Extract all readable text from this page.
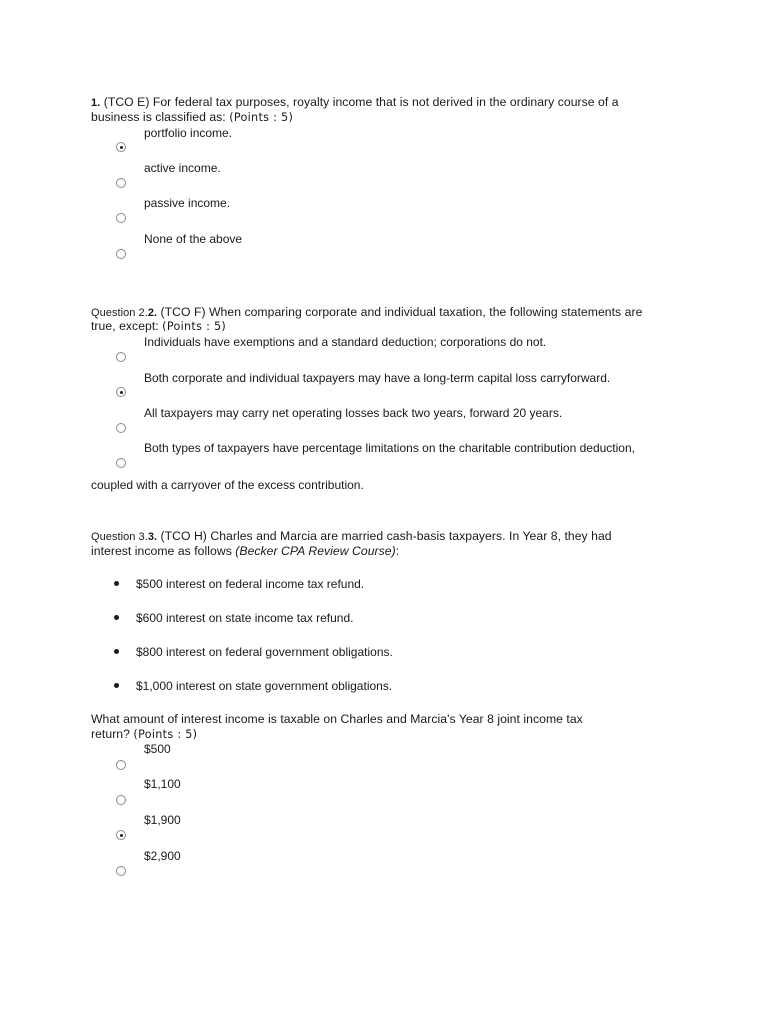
1. (TCO E) For federal tax purposes, royalty income that is not derived in the ordinary course of a
business is classified as: (Points : 5)
portfolio income.
active income.
passive income.
None of the above
Question 2.2. (TCO F) When comparing corporate and individual taxation, the following statements are
true, except: (Points : 5)
Individuals have exemptions and a standard deduction; corporations do not.
Both corporate and individual taxpayers may have a long-term capital loss carryforward.
All taxpayers may carry net operating losses back two years, forward 20 years.
Both types of taxpayers have percentage limitations on the charitable contribution deduction,
coupled with a carryover of the excess contribution.
Question 3.3. (TCO H) Charles and Marcia are married cash-basis taxpayers. In Year 8, they had
interest income as follows (Becker CPA Review Course):
$500 interest on federal income tax refund.
$600 interest on state income tax refund.
$800 interest on federal government obligations.
$1,000 interest on state government obligations.
What amount of interest income is taxable on Charles and Marcia's Year 8 joint income tax
return? (Points : 5)
$500
$1,100
$1,900
$2,900
